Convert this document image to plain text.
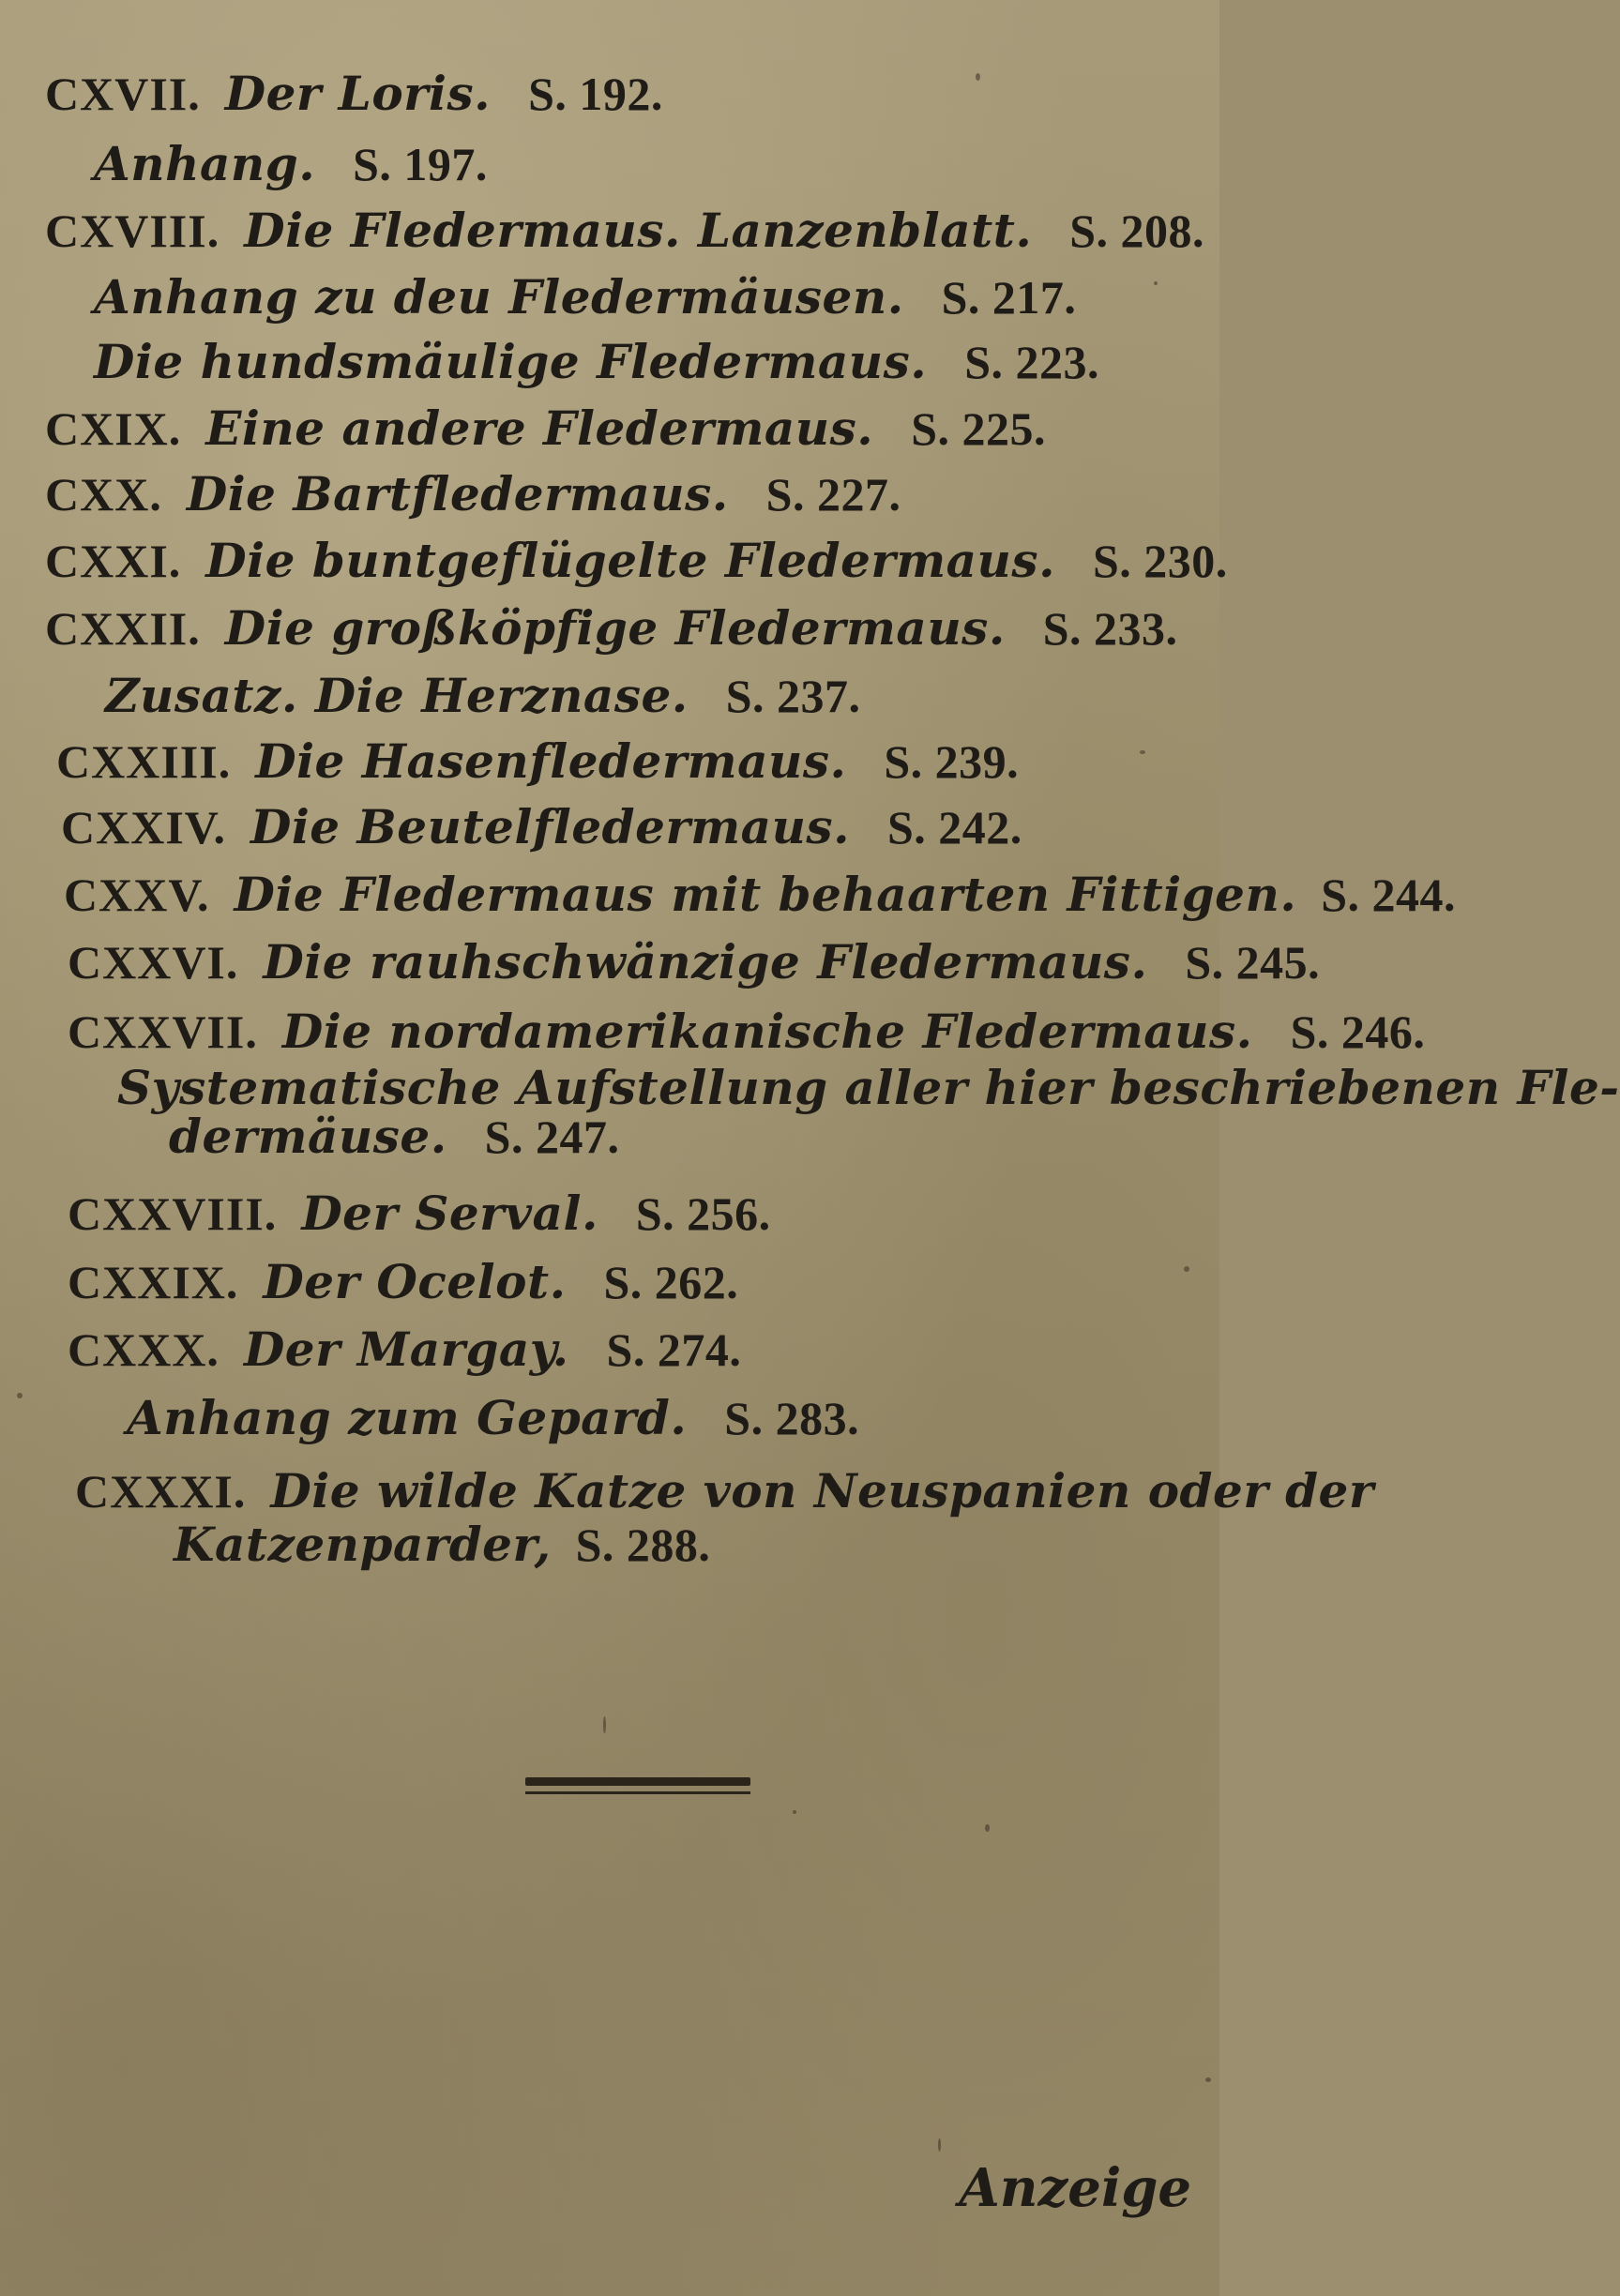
CXVII. Der Loris. S. 192.
Anhang. S. 197.
CXVIII. Die Fledermaus. Lanzenblatt. S. 208.
Anhang zu deu Fledermäusen. S. 217.
Die hundsmäulige Fledermaus. S. 223.
CXIX. Eine andere Fledermaus. S. 225.
CXX. Die Bartfledermaus. S. 227.
CXXI. Die buntgeflügelte Fledermaus. S. 230.
CXXII. Die großköpfige Fledermaus. S. 233.
Zusatz. Die Herznase. S. 237.
CXXIII. Die Hasenfledermaus. S. 239.
CXXIV. Die Beutelfledermaus. S. 242.
CXXV. Die Fledermaus mit behaarten Fittigen. S. 244.
CXXVI. Die rauhschwänzige Fledermaus. S. 245.
CXXVII. Die nordamerikanische Fledermaus. S. 246.
Systematische Aufstellung aller hier beschriebenen Fle-
dermäuse. S. 247.
CXXVIII. Der Serval. S. 256.
CXXIX. Der Ocelot. S. 262.
CXXX. Der Margay. S. 274.
Anhang zum Gepard. S. 283.
CXXXI. Die wilde Katze von Neuspanien oder der
Katzenparder, S. 288.
Anzeige
